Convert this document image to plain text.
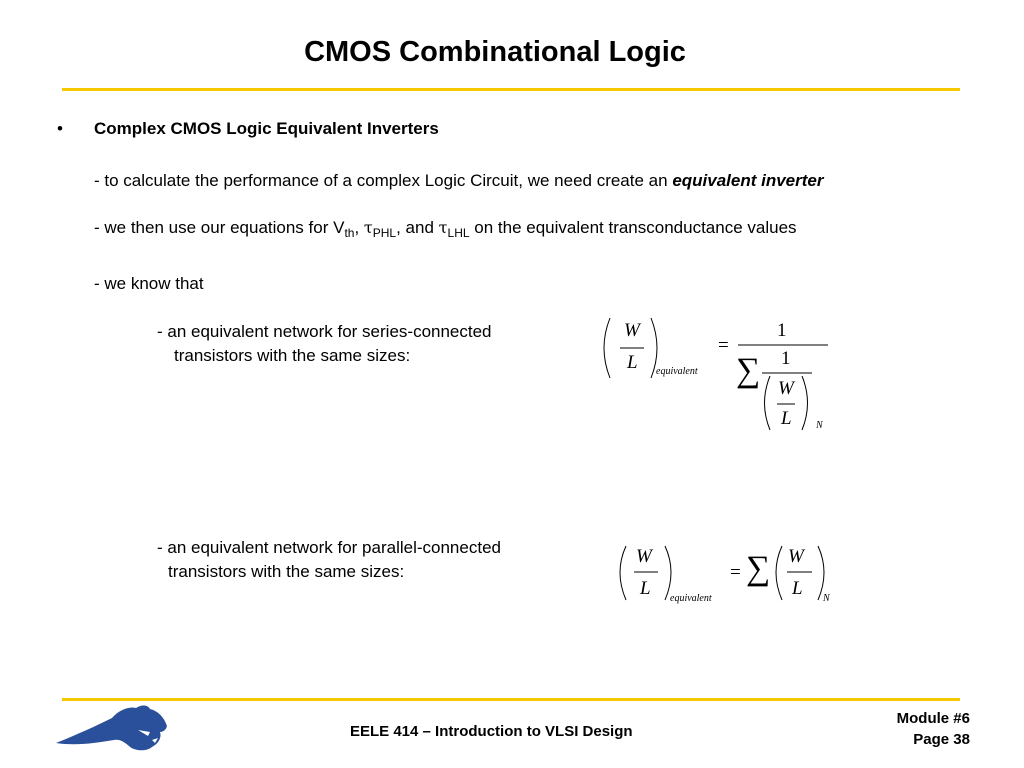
CMOS Combinational Logic
• Complex CMOS Logic Equivalent Inverters
- to calculate the performance of a complex Logic Circuit, we need create an equivalent inverter
- we then use our equations for $V_{th}$, $\tau_{PHL}$, and $\tau_{LHL}$ on the equivalent transconductance values
- we know that
- an equivalent network for series-connected
transistors with the same sizes:
- an equivalent network for parallel-connected
transistors with the same sizes:
W
L equivalent
=
1
1
∑ W
L N
W
L equivalent
= ∑ W
L N
EELE 414 – Introduction to VLSI Design
Module #6
Page 38
